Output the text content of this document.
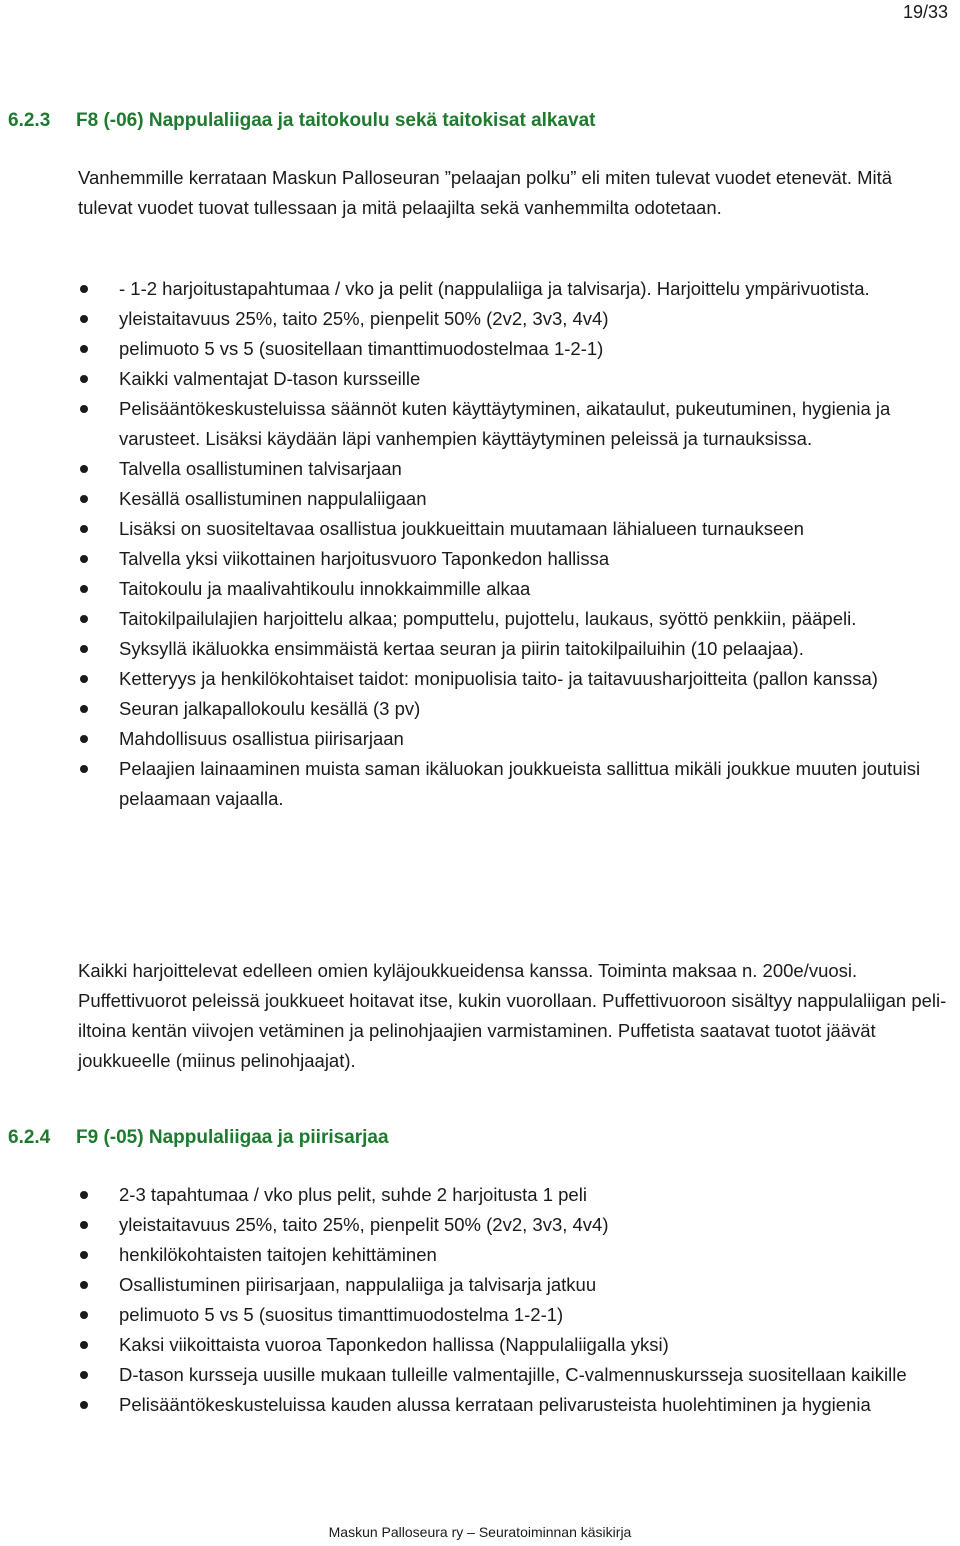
19/33
6.2.3 F8 (-06) Nappulaliigaa ja taitokoulu sekä taitokisat alkavat

Vanhemmille kerrataan Maskun Palloseuran ”pelaajan polku” eli miten tulevat vuodet etenevät. Mitä tulevat vuodet tuovat tullessaan ja mitä pelaajilta sekä vanhemmilta odotetaan.

- 1-2 harjoitustapahtumaa / vko ja pelit (nappulaliiga ja talvisarja). Harjoittelu ympärivuotista.
yleistaitavuus 25%, taito 25%, pienpelit 50% (2v2, 3v3, 4v4)
pelimuoto 5 vs 5 (suositellaan timanttimuodostelmaa 1-2-1)
Kaikki valmentajat D-tason kursseille
Pelisääntökeskusteluissa säännöt kuten käyttäytyminen, aikataulut, pukeutuminen, hygienia ja varusteet. Lisäksi käydään läpi vanhempien käyttäytyminen peleissä ja turnauksissa.
Talvella osallistuminen talvisarjaan
Kesällä osallistuminen nappulaliigaan
Lisäksi on suositeltavaa osallistua joukkueittain muutamaan lähialueen turnaukseen
Talvella yksi viikottainen harjoitusvuoro Taponkedon hallissa
Taitokoulu ja maalivahtikoulu innokkaimmille alkaa
Taitokilpailulajien harjoittelu alkaa; pomputtelu, pujottelu, laukaus, syöttö penkkiin, pääpeli.
Syksyllä ikäluokka ensimmäistä kertaa seuran ja piirin taitokilpailuihin (10 pelaajaa).
Ketteryys ja henkilökohtaiset taidot: monipuolisia taito- ja taitavuusharjoitteita (pallon kanssa)
Seuran jalkapallokoulu kesällä (3 pv)
Mahdollisuus osallistua piirisarjaan
Pelaajien lainaaminen muista saman ikäluokan joukkueista sallittua mikäli joukkue muuten joutuisi pelaamaan vajaalla.

Kaikki harjoittelevat edelleen omien kyläjoukkueidensa kanssa. Toiminta maksaa n. 200e/vuosi. Puffettivuorot peleissä joukkueet hoitavat itse, kukin vuorollaan. Puffettivuoroon sisältyy nappulaliigan peli-iltoina kentän viivojen vetäminen ja pelinohjaajien varmistaminen. Puffetista saatavat tuotot jäävät joukkueelle (miinus pelinohjaajat).

6.2.4 F9 (-05) Nappulaliigaa ja piirisarjaa
2-3 tapahtumaa / vko plus pelit, suhde 2 harjoitusta 1 peli
yleistaitavuus 25%, taito 25%, pienpelit 50% (2v2, 3v3, 4v4)
henkilökohtaisten taitojen kehittäminen
Osallistuminen piirisarjaan, nappulaliiga ja talvisarja jatkuu
pelimuoto 5 vs 5 (suositus timanttimuodostelma 1-2-1)
Kaksi viikoittaista vuoroa Taponkedon hallissa (Nappulaliigalla yksi)
D-tason kursseja uusille mukaan tulleille valmentajille, C-valmennuskursseja suositellaan kaikille
Pelisääntökeskusteluissa kauden alussa kerrataan pelivarusteista huolehtiminen ja hygienia
Maskun Palloseura ry – Seuratoiminnan käsikirja
